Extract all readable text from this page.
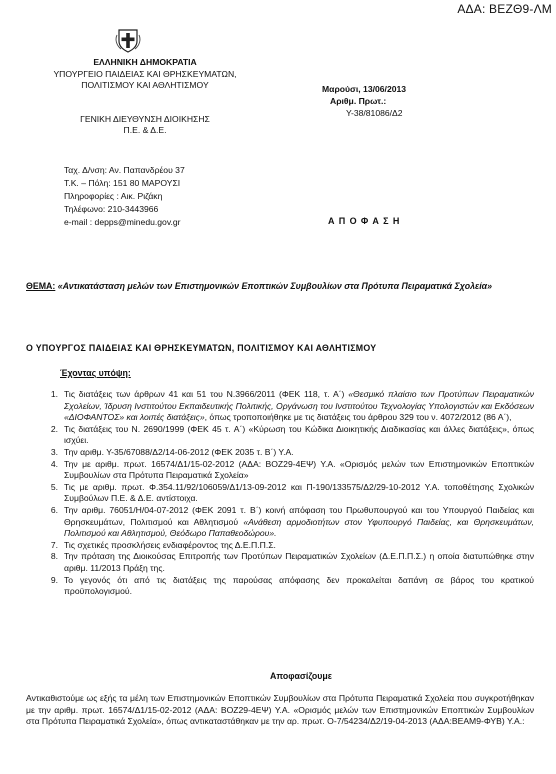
ΑΔΑ: ΒΕΖΘ9-ΛΜ
ΕΛΛΗΝΙΚΗ ΔΗΜΟΚΡΑΤΙΑ
ΥΠΟΥΡΓΕΙΟ ΠΑΙΔΕΙΑΣ ΚΑΙ ΘΡΗΣΚΕΥΜΑΤΩΝ,
ΠΟΛΙΤΙΣΜΟΥ ΚΑΙ ΑΘΛΗΤΙΣΜΟΥ
ΓΕΝΙΚΗ ΔΙΕΥΘΥΝΣΗ ΔΙΟΙΚΗΣΗΣ
Π.Ε. & Δ.Ε.
Μαρούσι, 13/06/2013
Αριθμ. Πρωτ.:
Υ-38/81086/Δ2
Ταχ. Δ/νση: Αν. Παπανδρέου 37
Τ.Κ. – Πόλη: 151 80 ΜΑΡΟΥΣΙ
Πληροφορίες : Αικ. Ριζάκη
Τηλέφωνο: 210-3443966
e-mail : depps@minedu.gov.gr	ΑΠΟΦΑΣΗ
ΘΕΜΑ: «Αντικατάσταση μελών των Επιστημονικών Εποπτικών Συμβουλίων στα Πρότυπα Πειραματικά Σχολεία»
Ο ΥΠΟΥΡΓΟΣ ΠΑΙΔΕΙΑΣ ΚΑΙ ΘΡΗΣΚΕΥΜΑΤΩΝ, ΠΟΛΙΤΙΣΜΟΥ ΚΑΙ ΑΘΛΗΤΙΣΜΟΥ
Έχοντας υπόψη:
1. Τις διατάξεις των άρθρων 41 και 51 του Ν.3966/2011 (ΦΕΚ 118, τ. Α΄) «Θεσμικό πλαίσιο των Προτύπων Πειραματικών Σχολείων, Ίδρυση Ινστιτούτου Εκπαιδευτικής Πολιτικής, Οργάνωση του Ινστιτούτου Τεχνολογίας Υπολογιστών και Εκδόσεων «ΔΙΟΦΑΝΤΟΣ» και λοιπές διατάξεις», όπως τροποποιήθηκε με τις διατάξεις του άρθρου 329 του ν. 4072/2012 (86 Α΄),
2. Τις διατάξεις του Ν. 2690/1999 (ΦΕΚ 45 τ. Α΄) «Κύρωση του Κώδικα Διοικητικής Διαδικασίας και άλλες διατάξεις», όπως ισχύει.
3. Την αριθμ. Υ-35/67088/Δ2/14-06-2012 (ΦΕΚ 2035 τ. Β΄) Υ.Α.
4. Την με αριθμ. πρωτ. 16574/Δ1/15-02-2012 (ΑΔΑ: ΒΟΖ29-4ΕΨ) Υ.Α. «Ορισμός μελών των Επιστημονικών Εποπτικών Συμβουλίων στα Πρότυπα Πειραματικά Σχολεία»
5. Τις με αριθμ. πρωτ. Φ.354.11/92/106059/Δ1/13-09-2012 και Π-190/133575/Δ2/29-10-2012 Υ.Α. τοποθέτησης Σχολικών Συμβούλων Π.Ε. & Δ.Ε. αντίστοιχα.
6. Την αριθμ. 76051/Η/04-07-2012 (ΦΕΚ 2091 τ. Β΄) κοινή απόφαση του Πρωθυπουργού και του Υπουργού Παιδείας και Θρησκευμάτων, Πολιτισμού και Αθλητισμού «Ανάθεση αρμοδιοτήτων στον Υφυπουργό Παιδείας, και Θρησκευμάτων, Πολιτισμού και Αθλητισμού, Θεόδωρο Παπαθεοδώρου».
7. Τις σχετικές προσκλήσεις ενδιαφέροντος της Δ.Ε.Π.Π.Σ.
8. Την πρόταση της Διοικούσας Επιτροπής των Προτύπων Πειραματικών Σχολείων (Δ.Ε.Π.Π.Σ.) η οποία διατυπώθηκε στην αριθμ. 11/2013 Πράξη της.
9. Το γεγονός ότι από τις διατάξεις της παρούσας απόφασης δεν προκαλείται δαπάνη σε βάρος του κρατικού προϋπολογισμού.
Αποφασίζουμε
Αντικαθιστούμε ως εξής τα μέλη των Επιστημονικών Εποπτικών Συμβουλίων στα Πρότυπα Πειραματικά Σχολεία που συγκροτήθηκαν με την αριθμ. πρωτ. 16574/Δ1/15-02-2012 (ΑΔΑ: ΒΟΖ29-4ΕΨ) Υ.Α. «Ορισμός μελών των Επιστημονικών Εποπτικών Συμβουλίων στα Πρότυπα Πειραματικά Σχολεία», όπως αντικαταστάθηκαν με την αρ. πρωτ. Ο-7/54234/Δ2/19-04-2013 (ΑΔΑ:ΒΕΑΜ9-ΦΥΒ) Υ.Α.:
